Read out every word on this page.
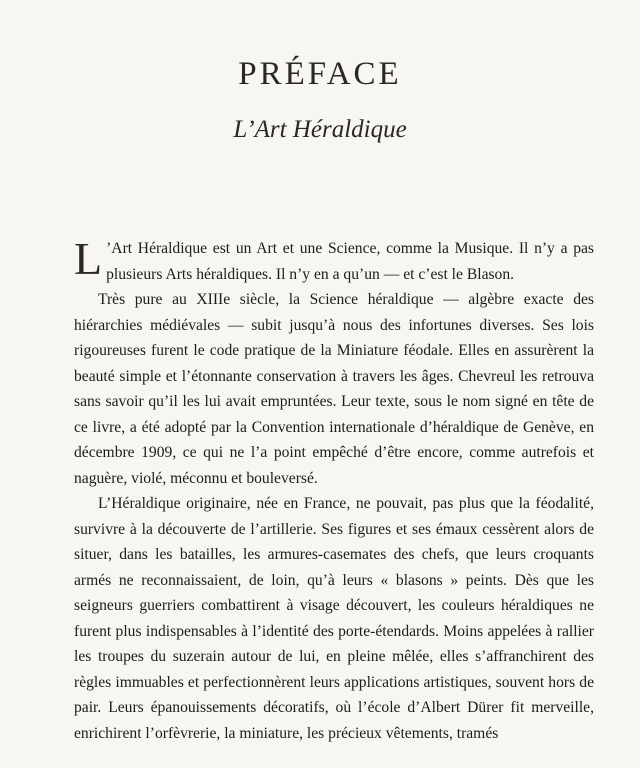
PRÉFACE
L’Art Héraldique

L ’Art Héraldique est un Art et une Science, comme la Musique. Il n’y a pas plusieurs Arts héraldiques. Il n’y en a qu’un — et c’est le Blason.

Très pure au XIIIe siècle, la Science héraldique — algèbre exacte des hiérarchies médiévales — subit jusqu’à nous des infortunes diverses. Ses lois rigoureuses furent le code pratique de la Miniature féodale. Elles en assurèrent la beauté simple et l’étonnante conservation à travers les âges. Chevreul les retrouva sans savoir qu’il les lui avait empruntées. Leur texte, sous le nom signé en tête de ce livre, a été adopté par la Convention internationale d’héraldique de Genève, en décembre 1909, ce qui ne l’a point empêché d’être encore, comme autrefois et naguère, violé, méconnu et bouleversé.

L’Héraldique originaire, née en France, ne pouvait, pas plus que la féodalité, survivre à la découverte de l’artillerie. Ses figures et ses émaux cessèrent alors de situer, dans les batailles, les armures-casemates des chefs, que leurs croquants armés ne reconnaissaient, de loin, qu’à leurs « blasons » peints. Dès que les seigneurs guerriers combattirent à visage découvert, les couleurs héraldiques ne furent plus indispensables à l’identité des porte-étendards. Moins appelées à rallier les troupes du suzerain autour de lui, en pleine mêlée, elles s’affranchirent des règles immuables et perfectionnèrent leurs applications artistiques, souvent hors de pair. Leurs épanouissements décoratifs, où l’école d’Albert Dürer fit merveille, enrichirent l’orfèvrerie, la miniature, les précieux vêtements, tramés
